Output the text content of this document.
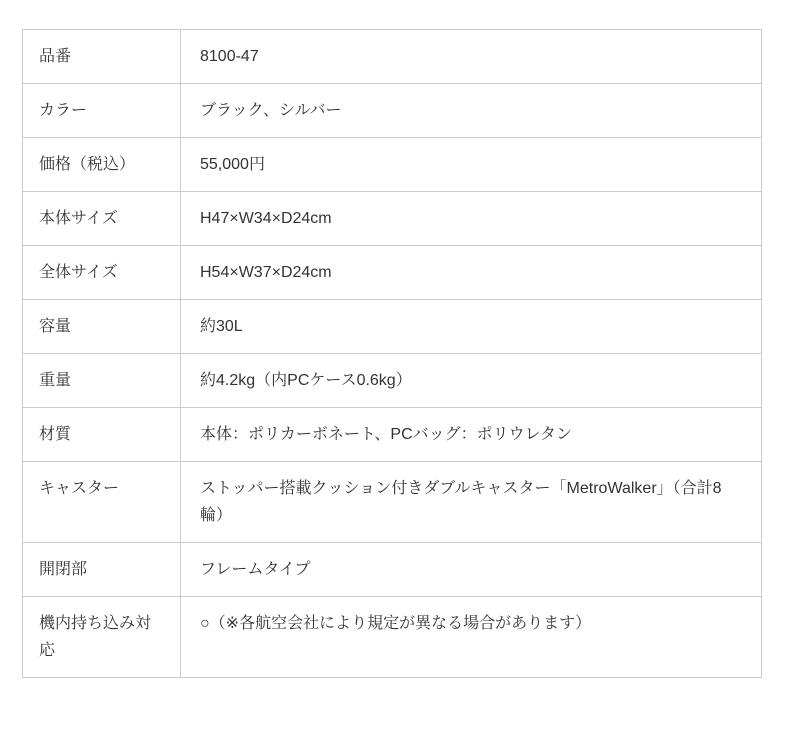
品番	8100-47
カラー	ブラック、シルバー
価格（税込）	55,000円
本体サイズ	H47×W34×D24cm
全体サイズ	H54×W37×D24cm
容量	約30L
重量	約4.2kg（内PCケース0.6kg）
材質	本体：ポリカーボネート、PCバッグ：ポリウレタン
キャスター	ストッパー搭載クッション付きダブルキャスター「MetroWalker」（合計8輪）
開閉部	フレームタイプ
機内持ち込み対応	○（※各航空会社により規定が異なる場合があります）
